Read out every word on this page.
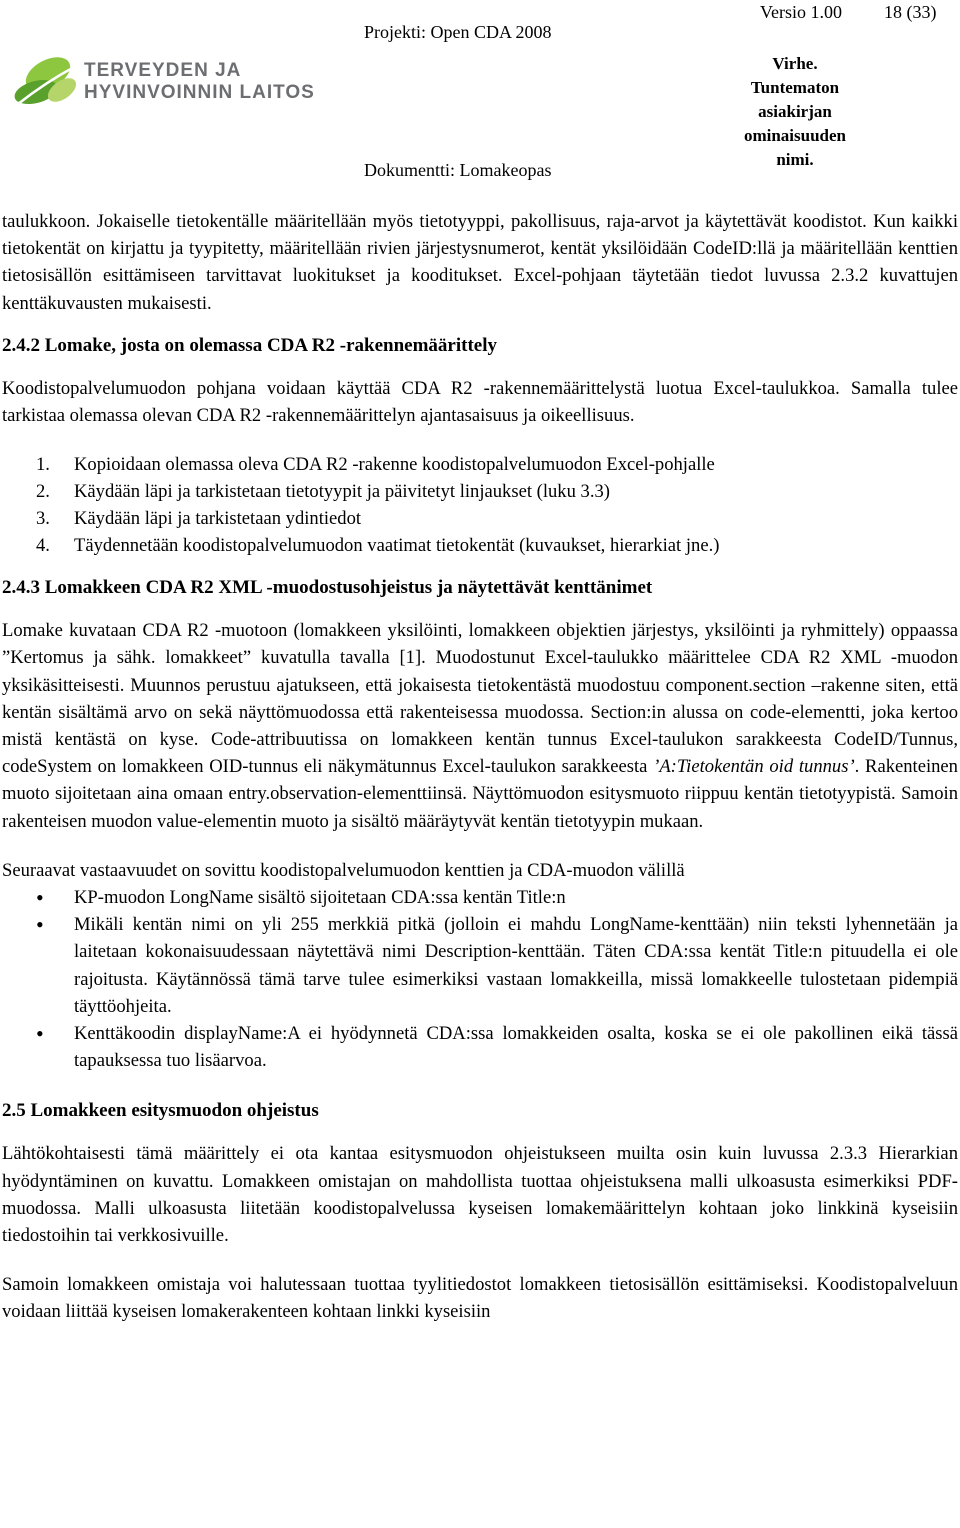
TERVEYDEN JA
HYVINVOINNIN LAITOS
Projekti: Open CDA 2008
Versio 1.00 18 (33)
Virhe.
Tuntematon
asiakirjan
ominaisuuden
nimi.
Dokumentti: Lomakeopas

taulukkoon. Jokaiselle tietokentälle määritellään myös tietotyyppi, pakollisuus, raja-arvot ja käytettävät koodistot. Kun kaikki tietokentät on kirjattu ja tyypitetty, määritellään rivien järjestysnumerot, kentät yksilöidään CodeID:llä ja määritellään kenttien tietosisällön esittämiseen tarvittavat luokitukset ja kooditukset. Excel-pohjaan täytetään tiedot luvussa 2.3.2 kuvattujen kenttäkuvausten mukaisesti.

2.4.2 Lomake, josta on olemassa CDA R2 -rakennemäärittely

Koodistopalvelumuodon pohjana voidaan käyttää CDA R2 -rakennemäärittelystä luotua Excel-taulukkoa. Samalla tulee tarkistaa olemassa olevan CDA R2 -rakennemäärittelyn ajantasaisuus ja oikeellisuus.

1. Kopioidaan olemassa oleva CDA R2 -rakenne koodistopalvelumuodon Excel-pohjalle
2. Käydään läpi ja tarkistetaan tietotyypit ja päivitetyt linjaukset (luku 3.3)
3. Käydään läpi ja tarkistetaan ydintiedot
4. Täydennetään koodistopalvelumuodon vaatimat tietokentät (kuvaukset, hierarkiat jne.)
2.4.3 Lomakkeen CDA R2 XML -muodostusohjeistus ja näytettävät kenttänimet

Lomake kuvataan CDA R2 -muotoon (lomakkeen yksilöinti, lomakkeen objektien järjestys, yksilöinti ja ryhmittely) oppaassa ”Kertomus ja sähk. lomakkeet” kuvatulla tavalla [1]. Muodostunut Excel-taulukko määrittelee CDA R2 XML -muodon yksikäsitteisesti. Muunnos perustuu ajatukseen, että jokaisesta tietokentästä muodostuu component.section –rakenne siten, että kentän sisältämä arvo on sekä näyttömuodossa että rakenteisessa muodossa. Section:in alussa on code-elementti, joka kertoo mistä kentästä on kyse. Code-attribuutissa on lomakkeen kentän tunnus Excel-taulukon sarakkeesta CodeID/Tunnus, codeSystem on lomakkeen OID-tunnus eli näkymätunnus Excel-taulukon sarakkeesta ’A:Tietokentän oid tunnus’. Rakenteinen muoto sijoitetaan aina omaan entry.observation-elementtiinsä. Näyttömuodon esitysmuoto riippuu kentän tietotyypistä. Samoin rakenteisen muodon value-elementin muoto ja sisältö määräytyvät kentän tietotyypin mukaan.

Seuraavat vastaavuudet on sovittu koodistopalvelumuodon kenttien ja CDA-muodon välillä

• KP-muodon LongName sisältö sijoitetaan CDA:ssa kentän Title:n
• Mikäli kentän nimi on yli 255 merkkiä pitkä (jolloin ei mahdu LongName-kenttään) niin teksti lyhennetään ja laitetaan kokonaisuudessaan näytettävä nimi Description-kenttään. Täten CDA:ssa kentät Title:n pituudella ei ole rajoitusta. Käytännössä tämä tarve tulee esimerkiksi vastaan lomakkeilla, missä lomakkeelle tulostetaan pidempiä täyttöohjeita.
• Kenttäkoodin displayName:A ei hyödynnetä CDA:ssa lomakkeiden osalta, koska se ei ole pakollinen eikä tässä tapauksessa tuo lisäarvoa.
2.5 Lomakkeen esitysmuodon ohjeistus

Lähtökohtaisesti tämä määrittely ei ota kantaa esitysmuodon ohjeistukseen muilta osin kuin luvussa 2.3.3 Hierarkian hyödyntäminen on kuvattu. Lomakkeen omistajan on mahdollista tuottaa ohjeistuksena malli ulkoasusta esimerkiksi PDF-muodossa. Malli ulkoasusta liitetään koodistopalvelussa kyseisen lomakemäärittelyn kohtaan joko linkkinä kyseisiin tiedostoihin tai verkkosivuille.

Samoin lomakkeen omistaja voi halutessaan tuottaa tyylitiedostot lomakkeen tietosisällön esittämiseksi. Koodistopalveluun voidaan liittää kyseisen lomakerakenteen kohtaan linkki kyseisiin
